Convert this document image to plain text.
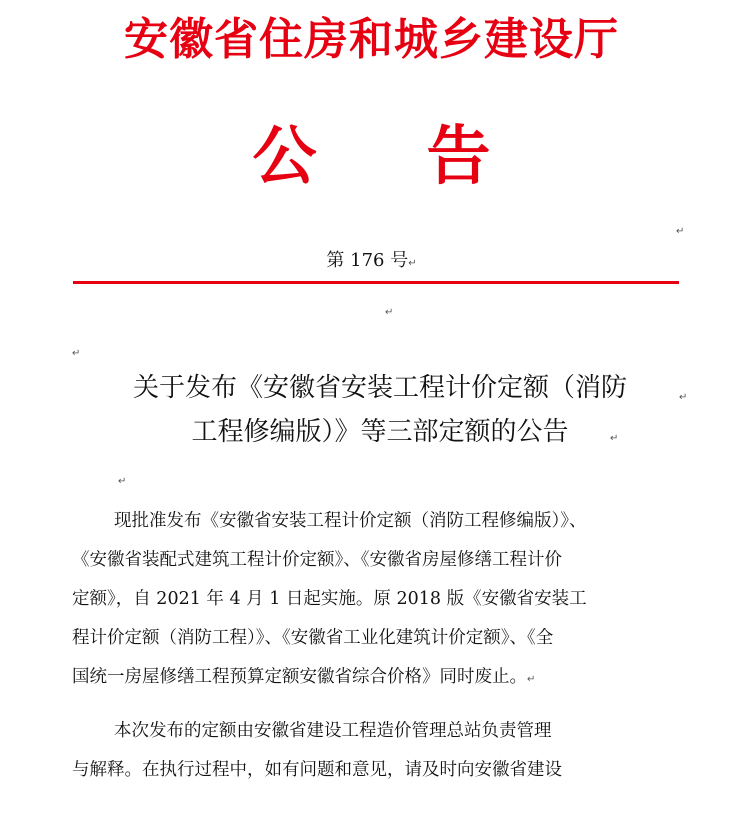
安徽省住房和城乡建设厅
公 告
↵
第 176 号↵
↵
↵
关于发布《安徽省安装工程计价定额（消防
工程修编版）》等三部定额的公告
↵
↵
↵
现批准发布《安徽省安装工程计价定额（消防工程修编版）》、
《安徽省装配式建筑工程计价定额》、《安徽省房屋修缮工程计价
定额》，自 2021 年 4 月 1 日起实施。原 2018 版《安徽省安装工
程计价定额（消防工程）》、《安徽省工业化建筑计价定额》、《全
国统一房屋修缮工程预算定额安徽省综合价格》同时废止。↵
本次发布的定额由安徽省建设工程造价管理总站负责管理
与解释。在执行过程中，如有问题和意见，请及时向安徽省建设
